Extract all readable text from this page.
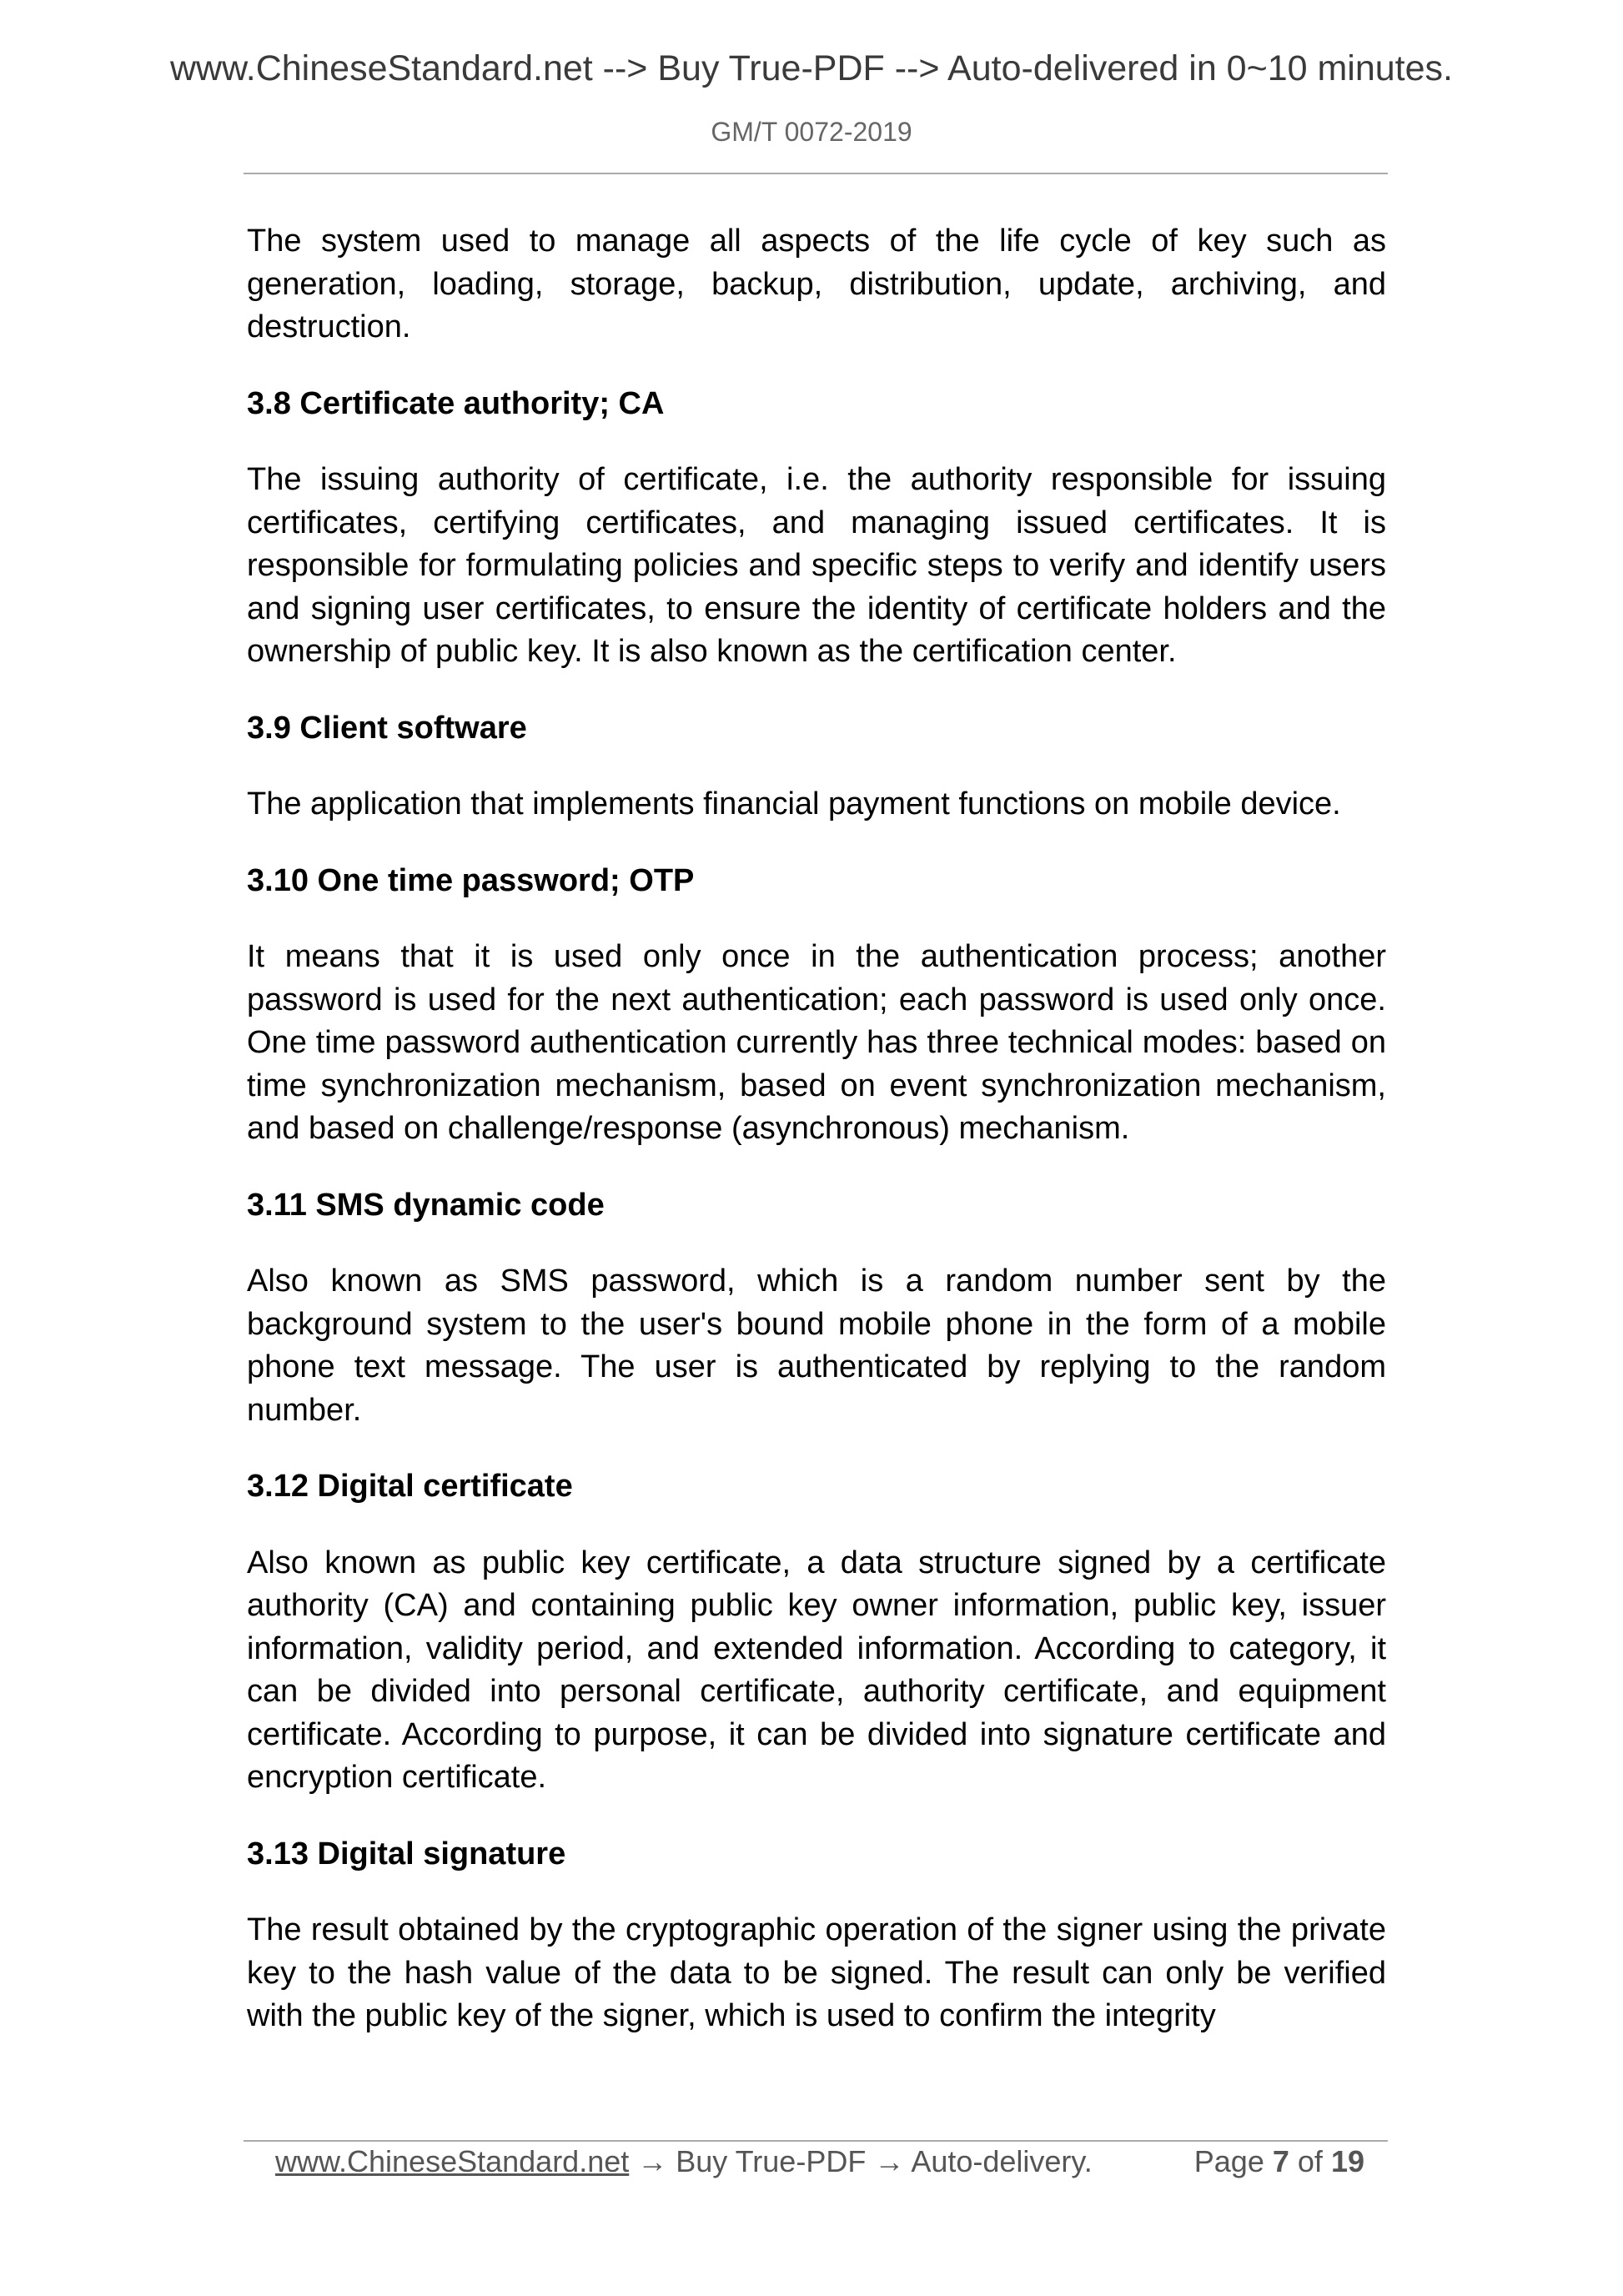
www.ChineseStandard.net --> Buy True-PDF --> Auto-delivered in 0~10 minutes.
GM/T 0072-2019

The system used to manage all aspects of the life cycle of key such as generation, loading, storage, backup, distribution, update, archiving, and destruction.

3.8 Certificate authority; CA

The issuing authority of certificate, i.e. the authority responsible for issuing certificates, certifying certificates, and managing issued certificates. It is responsible for formulating policies and specific steps to verify and identify users and signing user certificates, to ensure the identity of certificate holders and the ownership of public key. It is also known as the certification center.

3.9 Client software

The application that implements financial payment functions on mobile device.

3.10 One time password; OTP

It means that it is used only once in the authentication process; another password is used for the next authentication; each password is used only once. One time password authentication currently has three technical modes: based on time synchronization mechanism, based on event synchronization mechanism, and based on challenge/response (asynchronous) mechanism.

3.11 SMS dynamic code

Also known as SMS password, which is a random number sent by the background system to the user's bound mobile phone in the form of a mobile phone text message. The user is authenticated by replying to the random number.

3.12 Digital certificate

Also known as public key certificate, a data structure signed by a certificate authority (CA) and containing public key owner information, public key, issuer information, validity period, and extended information. According to category, it can be divided into personal certificate, authority certificate, and equipment certificate. According to purpose, it can be divided into signature certificate and encryption certificate.

3.13 Digital signature

The result obtained by the cryptographic operation of the signer using the private key to the hash value of the data to be signed. The result can only be verified with the public key of the signer, which is used to confirm the integrity

www.ChineseStandard.net → Buy True-PDF → Auto-delivery.	Page 7 of 19
